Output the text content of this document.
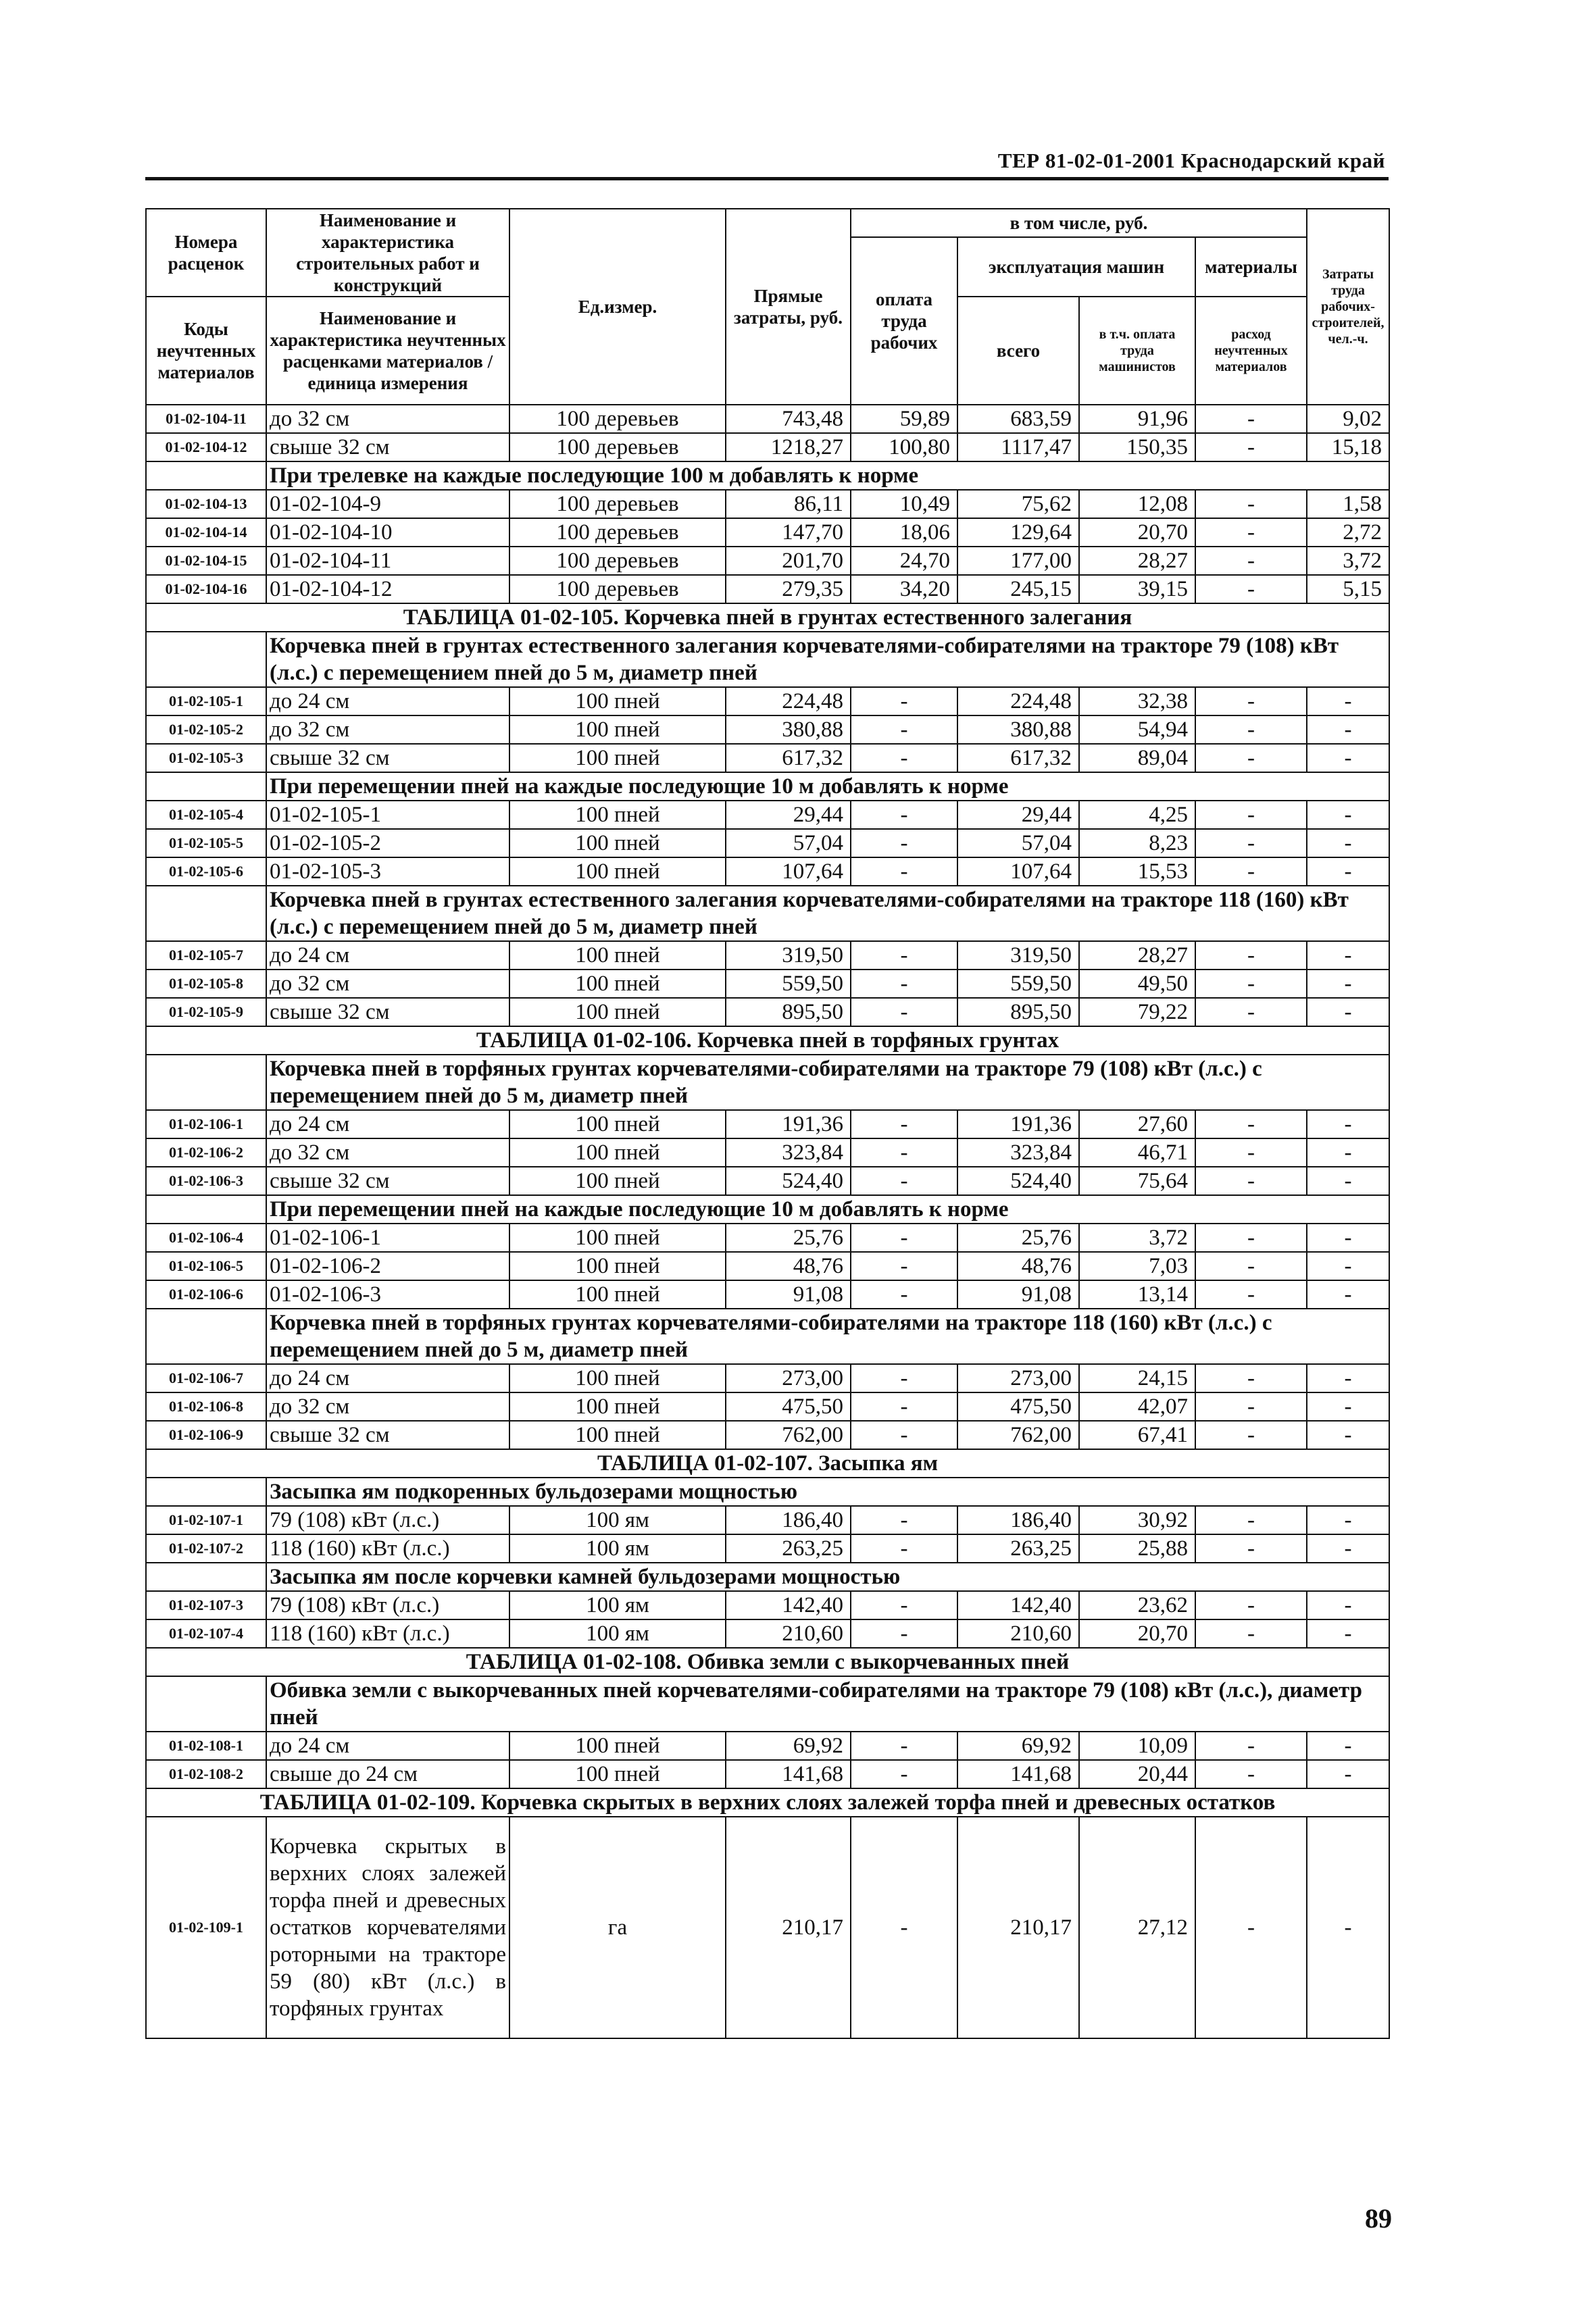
ТЕР 81-02-01-2001 Краснодарский край
Номера расценок	Наименование и характеристика строительных работ и конструкций	Ед.измер.	Прямые затраты, руб.	в том числе, руб.				Затраты труда рабочих-строителей, чел.-ч.
				оплата труда рабочих	эксплуатация машин		материалы	
Коды неучтенных материалов	Наименование и характеристика неучтенных расценками материалов / единица измерения				всего	в т.ч. оплата труда машинистов	расход неучтенных материалов	

01-02-104-11	до 32 см	100 деревьев	743,48	59,89	683,59	91,96	-	9,02
01-02-104-12	свыше 32 см	100 деревьев	1218,27	100,80	1117,47	150,35	-	15,18
	При трелевке на каждые последующие 100 м добавлять к норме							
01-02-104-13	01-02-104-9	100 деревьев	86,11	10,49	75,62	12,08	-	1,58
01-02-104-14	01-02-104-10	100 деревьев	147,70	18,06	129,64	20,70	-	2,72
01-02-104-15	01-02-104-11	100 деревьев	201,70	24,70	177,00	28,27	-	3,72
01-02-104-16	01-02-104-12	100 деревьев	279,35	34,20	245,15	39,15	-	5,15
ТАБЛИЦА 01-02-105. Корчевка пней в грунтах естественного залегания								
	Корчевка пней в грунтах естественного залегания корчевателями-собирателями на тракторе 79 (108) кВт (л.с.) с перемещением пней до 5 м, диаметр пней							
01-02-105-1	до 24 см	100 пней	224,48	-	224,48	32,38	-	-
01-02-105-2	до 32 см	100 пней	380,88	-	380,88	54,94	-	-
01-02-105-3	свыше 32 см	100 пней	617,32	-	617,32	89,04	-	-
	При перемещении пней на каждые последующие 10 м добавлять к норме							
01-02-105-4	01-02-105-1	100 пней	29,44	-	29,44	4,25	-	-
01-02-105-5	01-02-105-2	100 пней	57,04	-	57,04	8,23	-	-
01-02-105-6	01-02-105-3	100 пней	107,64	-	107,64	15,53	-	-
	Корчевка пней в грунтах естественного залегания корчевателями-собирателями на тракторе 118 (160) кВт (л.с.) с перемещением пней до 5 м, диаметр пней							
01-02-105-7	до 24 см	100 пней	319,50	-	319,50	28,27	-	-
01-02-105-8	до 32 см	100 пней	559,50	-	559,50	49,50	-	-
01-02-105-9	свыше 32 см	100 пней	895,50	-	895,50	79,22	-	-
ТАБЛИЦА 01-02-106. Корчевка пней в торфяных грунтах								
	Корчевка пней в торфяных грунтах корчевателями-собирателями на тракторе 79 (108) кВт (л.с.) с перемещением пней до 5 м, диаметр пней							
01-02-106-1	до 24 см	100 пней	191,36	-	191,36	27,60	-	-
01-02-106-2	до 32 см	100 пней	323,84	-	323,84	46,71	-	-
01-02-106-3	свыше 32 см	100 пней	524,40	-	524,40	75,64	-	-
	При перемещении пней на каждые последующие 10 м добавлять к норме							
01-02-106-4	01-02-106-1	100 пней	25,76	-	25,76	3,72	-	-
01-02-106-5	01-02-106-2	100 пней	48,76	-	48,76	7,03	-	-
01-02-106-6	01-02-106-3	100 пней	91,08	-	91,08	13,14	-	-
	Корчевка пней в торфяных грунтах корчевателями-собирателями на тракторе 118 (160) кВт (л.с.) с перемещением пней до 5 м, диаметр пней							
01-02-106-7	до 24 см	100 пней	273,00	-	273,00	24,15	-	-
01-02-106-8	до 32 см	100 пней	475,50	-	475,50	42,07	-	-
01-02-106-9	свыше 32 см	100 пней	762,00	-	762,00	67,41	-	-
ТАБЛИЦА 01-02-107. Засыпка ям								
	Засыпка ям подкоренных бульдозерами мощностью							
01-02-107-1	79 (108) кВт (л.с.)	100 ям	186,40	-	186,40	30,92	-	-
01-02-107-2	118 (160) кВт (л.с.)	100 ям	263,25	-	263,25	25,88	-	-
	Засыпка ям после корчевки камней бульдозерами мощностью							
01-02-107-3	79 (108) кВт (л.с.)	100 ям	142,40	-	142,40	23,62	-	-
01-02-107-4	118 (160) кВт (л.с.)	100 ям	210,60	-	210,60	20,70	-	-
ТАБЛИЦА 01-02-108. Обивка земли с выкорчеванных пней								
	Обивка земли с выкорчеванных пней корчевателями-собирателями на тракторе 79 (108) кВт (л.с.), диаметр пней							
01-02-108-1	до 24 см	100 пней	69,92	-	69,92	10,09	-	-
01-02-108-2	свыше до 24 см	100 пней	141,68	-	141,68	20,44	-	-
ТАБЛИЦА 01-02-109. Корчевка скрытых в верхних слоях залежей торфа пней и древесных остатков								
01-02-109-1	Корчевка скрытых в верхних слоях залежей торфа пней и древесных остатков корчевателями роторными на тракторе 59 (80) кВт (л.с.) в торфяных грунтах	га	210,17	-	210,17	27,12	-	-
89
